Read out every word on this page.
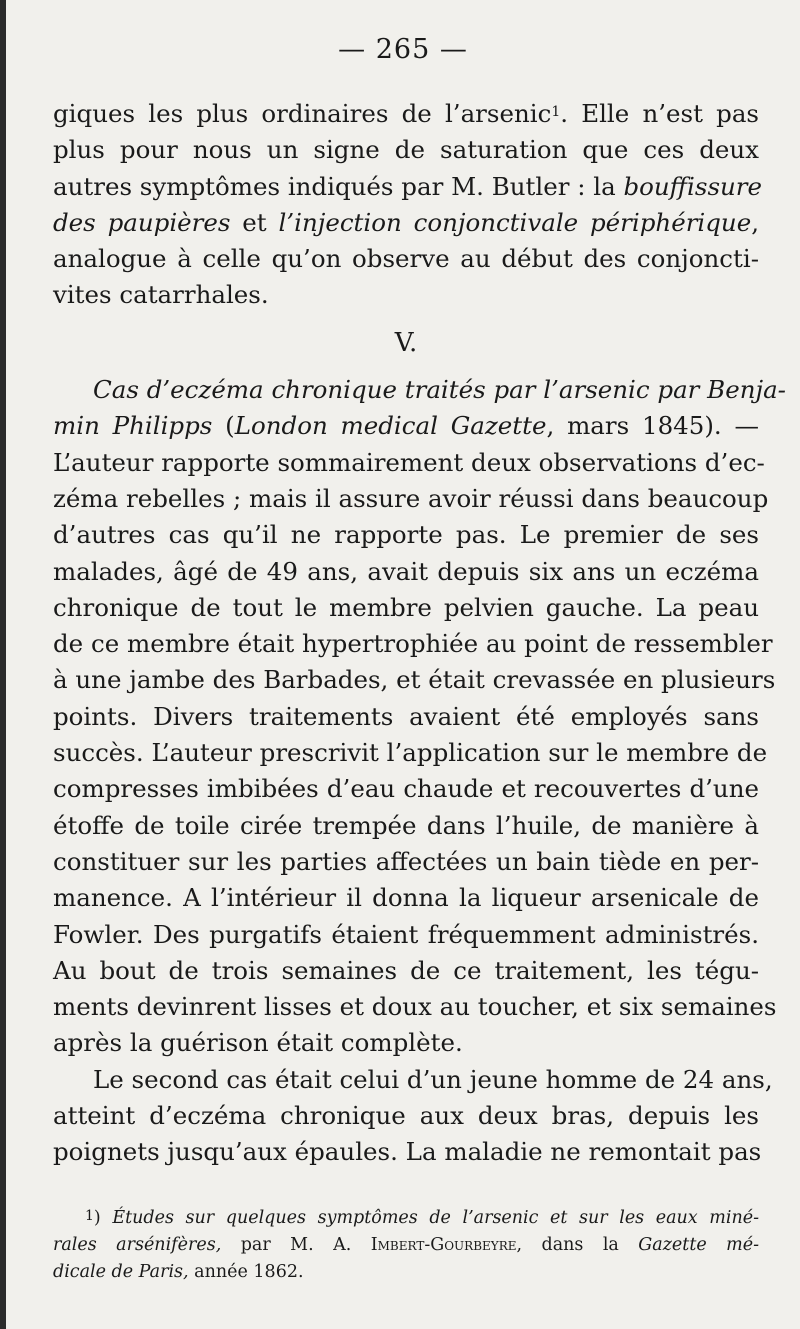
— 265 —
giques les plus ordinaires de l’arsenic$^1$. Elle n’est pas
plus pour nous un signe de saturation que ces deux
autres symptômes indiqués par M. Butler : la bouffissure
des paupières et l’injection conjonctivale périphérique,
analogue à celle qu’on observe au début des conjoncti-
vites catarrhales.
V.
Cas d’eczéma chronique traités par l’arsenic par Benja-
min Philipps (London medical Gazette, mars 1845). —
L’auteur rapporte sommairement deux observations d’ec-
zéma rebelles ; mais il assure avoir réussi dans beaucoup
d’autres cas qu’il ne rapporte pas. Le premier de ses
malades, âgé de 49 ans, avait depuis six ans un eczéma
chronique de tout le membre pelvien gauche. La peau
de ce membre était hypertrophiée au point de ressembler
à une jambe des Barbades, et était crevassée en plusieurs
points. Divers traitements avaient été employés sans
succès. L’auteur prescrivit l’application sur le membre de
compresses imbibées d’eau chaude et recouvertes d’une
étoffe de toile cirée trempée dans l’huile, de manière à
constituer sur les parties affectées un bain tiède en per-
manence. A l’intérieur il donna la liqueur arsenicale de
Fowler. Des purgatifs étaient fréquemment administrés.
Au bout de trois semaines de ce traitement, les tégu-
ments devinrent lisses et doux au toucher, et six semaines
après la guérison était complète.
Le second cas était celui d’un jeune homme de 24 ans,
atteint d’eczéma chronique aux deux bras, depuis les
poignets jusqu’aux épaules. La maladie ne remontait pas
$^1$) Études sur quelques symptômes de l’arsenic et sur les eaux miné-
rales arsénifères, par M. A. Imbert-Gourbeyre, dans la Gazette mé-
dicale de Paris, année 1862.
